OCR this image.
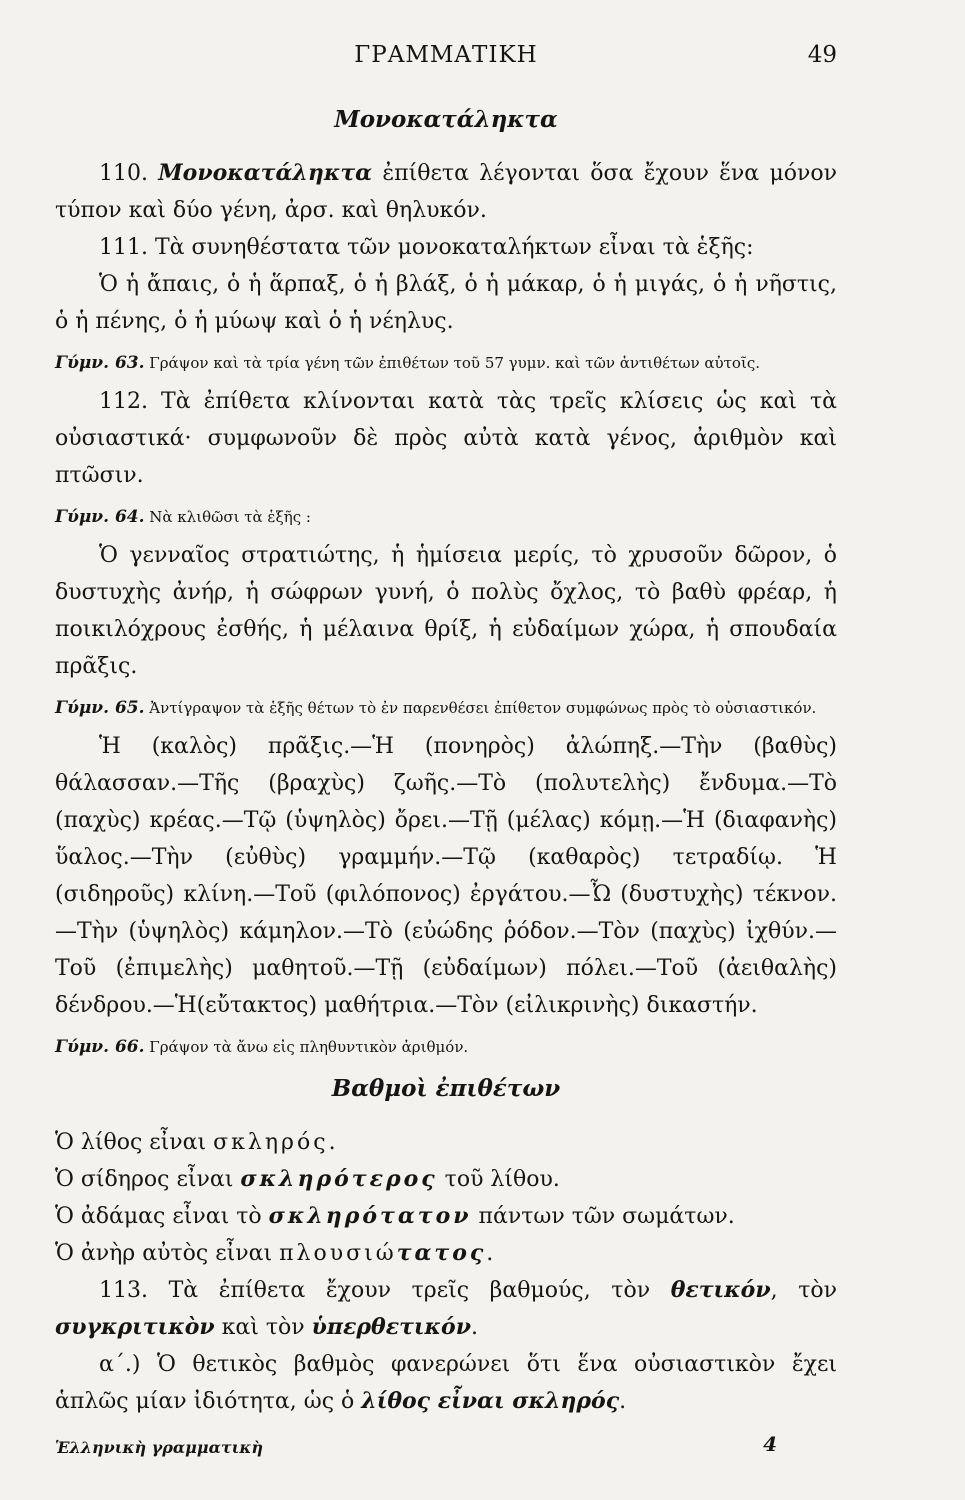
ΓΡΑΜΜΑΤΙΚΗ	49
Μονοκατάληκτα

110. Μονοκατάληκτα ἐπίθετα λέγονται ὅσα ἔχουν ἕνα μόνον τύπον καὶ δύο γένη, ἀρσ. καὶ θηλυκόν.

111. Τὰ συνηθέστατα τῶν μονοκαταλήκτων εἶναι τὰ ἑξῆς:

Ὁ ἡ ἄπαις, ὁ ἡ ἅρπαξ, ὁ ἡ βλάξ, ὁ ἡ μάκαρ, ὁ ἡ μιγάς, ὁ ἡ νῆστις, ὁ ἡ πένης, ὁ ἡ μύωψ καὶ ὁ ἡ νέηλυς.

Γύμν. 63. Γράψον καὶ τὰ τρία γένη τῶν ἐπιθέτων τοῦ 57 γυμν. καὶ τῶν ἀντιθέτων αὐτοῖς.

112. Τὰ ἐπίθετα κλίνονται κατὰ τὰς τρεῖς κλίσεις ὡς καὶ τὰ οὐσιαστικά· συμφωνοῦν δὲ πρὸς αὐτὰ κατὰ γένος, ἀριθμὸν καὶ πτῶσιν.

Γύμν. 64. Νὰ κλιθῶσι τὰ ἑξῆς :

Ὁ γενναῖος στρατιώτης, ἡ ἡμίσεια μερίς, τὸ χρυσοῦν δῶρον, ὁ δυστυχὴς ἀνήρ, ἡ σώφρων γυνή, ὁ πολὺς ὄχλος, τὸ βαθὺ φρέαρ, ἡ ποικιλόχρους ἐσθής, ἡ μέλαινα θρίξ, ἡ εὐδαίμων χώρα, ἡ σπουδαία πρᾶξις.

Γύμν. 65. Ἀντίγραψον τὰ ἑξῆς θέτων τὸ ἐν παρενθέσει ἐπίθετον συμφώνως πρὸς τὸ οὐσιαστικόν.

Ἡ (καλὸς) πρᾶξις.—Ἡ (πονηρὸς) ἀλώπηξ.—Τὴν (βαθὺς) θάλασσαν.—Τῆς (βραχὺς) ζωῆς.—Τὸ (πολυτελὴς) ἔνδυμα.—Τὸ (παχὺς) κρέας.—Τῷ (ὑψηλὸς) ὄρει.—Τῇ (μέλας) κόμῃ.—Ἡ (διαφανὴς) ὕαλος.—Τὴν (εὐθὺς) γραμμήν.—Τῷ (καθαρὸς) τετραδίῳ. Ἡ (σιδηροῦς) κλίνη.—Τοῦ (φιλόπονος) ἐργάτου.—Ὦ (δυστυχὴς) τέκνον.—Τὴν (ὑψηλὸς) κάμηλον.—Τὸ (εὐώδης ῥόδον.—Τὸν (παχὺς) ἰχθύν.—Τοῦ (ἐπιμελὴς) μαθητοῦ.—Τῇ (εὐδαίμων) πόλει.—Τοῦ (ἀειθαλὴς) δένδρου.—Ἡ(εὔτακτος) μαθήτρια.—Τὸν (εἰλικρινὴς) δικαστήν.

Γύμν. 66. Γράψον τὰ ἄνω εἰς πληθυντικὸν ἀριθμόν.
Βαθμοὶ ἐπιθέτων

Ὁ λίθος εἶναι σκληρός.

Ὁ σίδηρος εἶναι σκληρότερος τοῦ λίθου.

Ὁ ἀδάμας εἶναι τὸ σκληρότατον πάντων τῶν σωμάτων.

Ὁ ἀνὴρ αὐτὸς εἶναι πλουσιώτατος.

113. Τὰ ἐπίθετα ἔχουν τρεῖς βαθμούς, τὸν θετικόν, τὸν συγκριτικὸν καὶ τὸν ὑπερθετικόν.

α΄.) Ὁ θετικὸς βαθμὸς φανερώνει ὅτι ἕνα οὐσιαστικὸν ἔχει ἁπλῶς μίαν ἰδιότητα, ὡς ὁ λίθος εἶναι σκληρός.

Ἑλληνικὴ γραμματικὴ	4
